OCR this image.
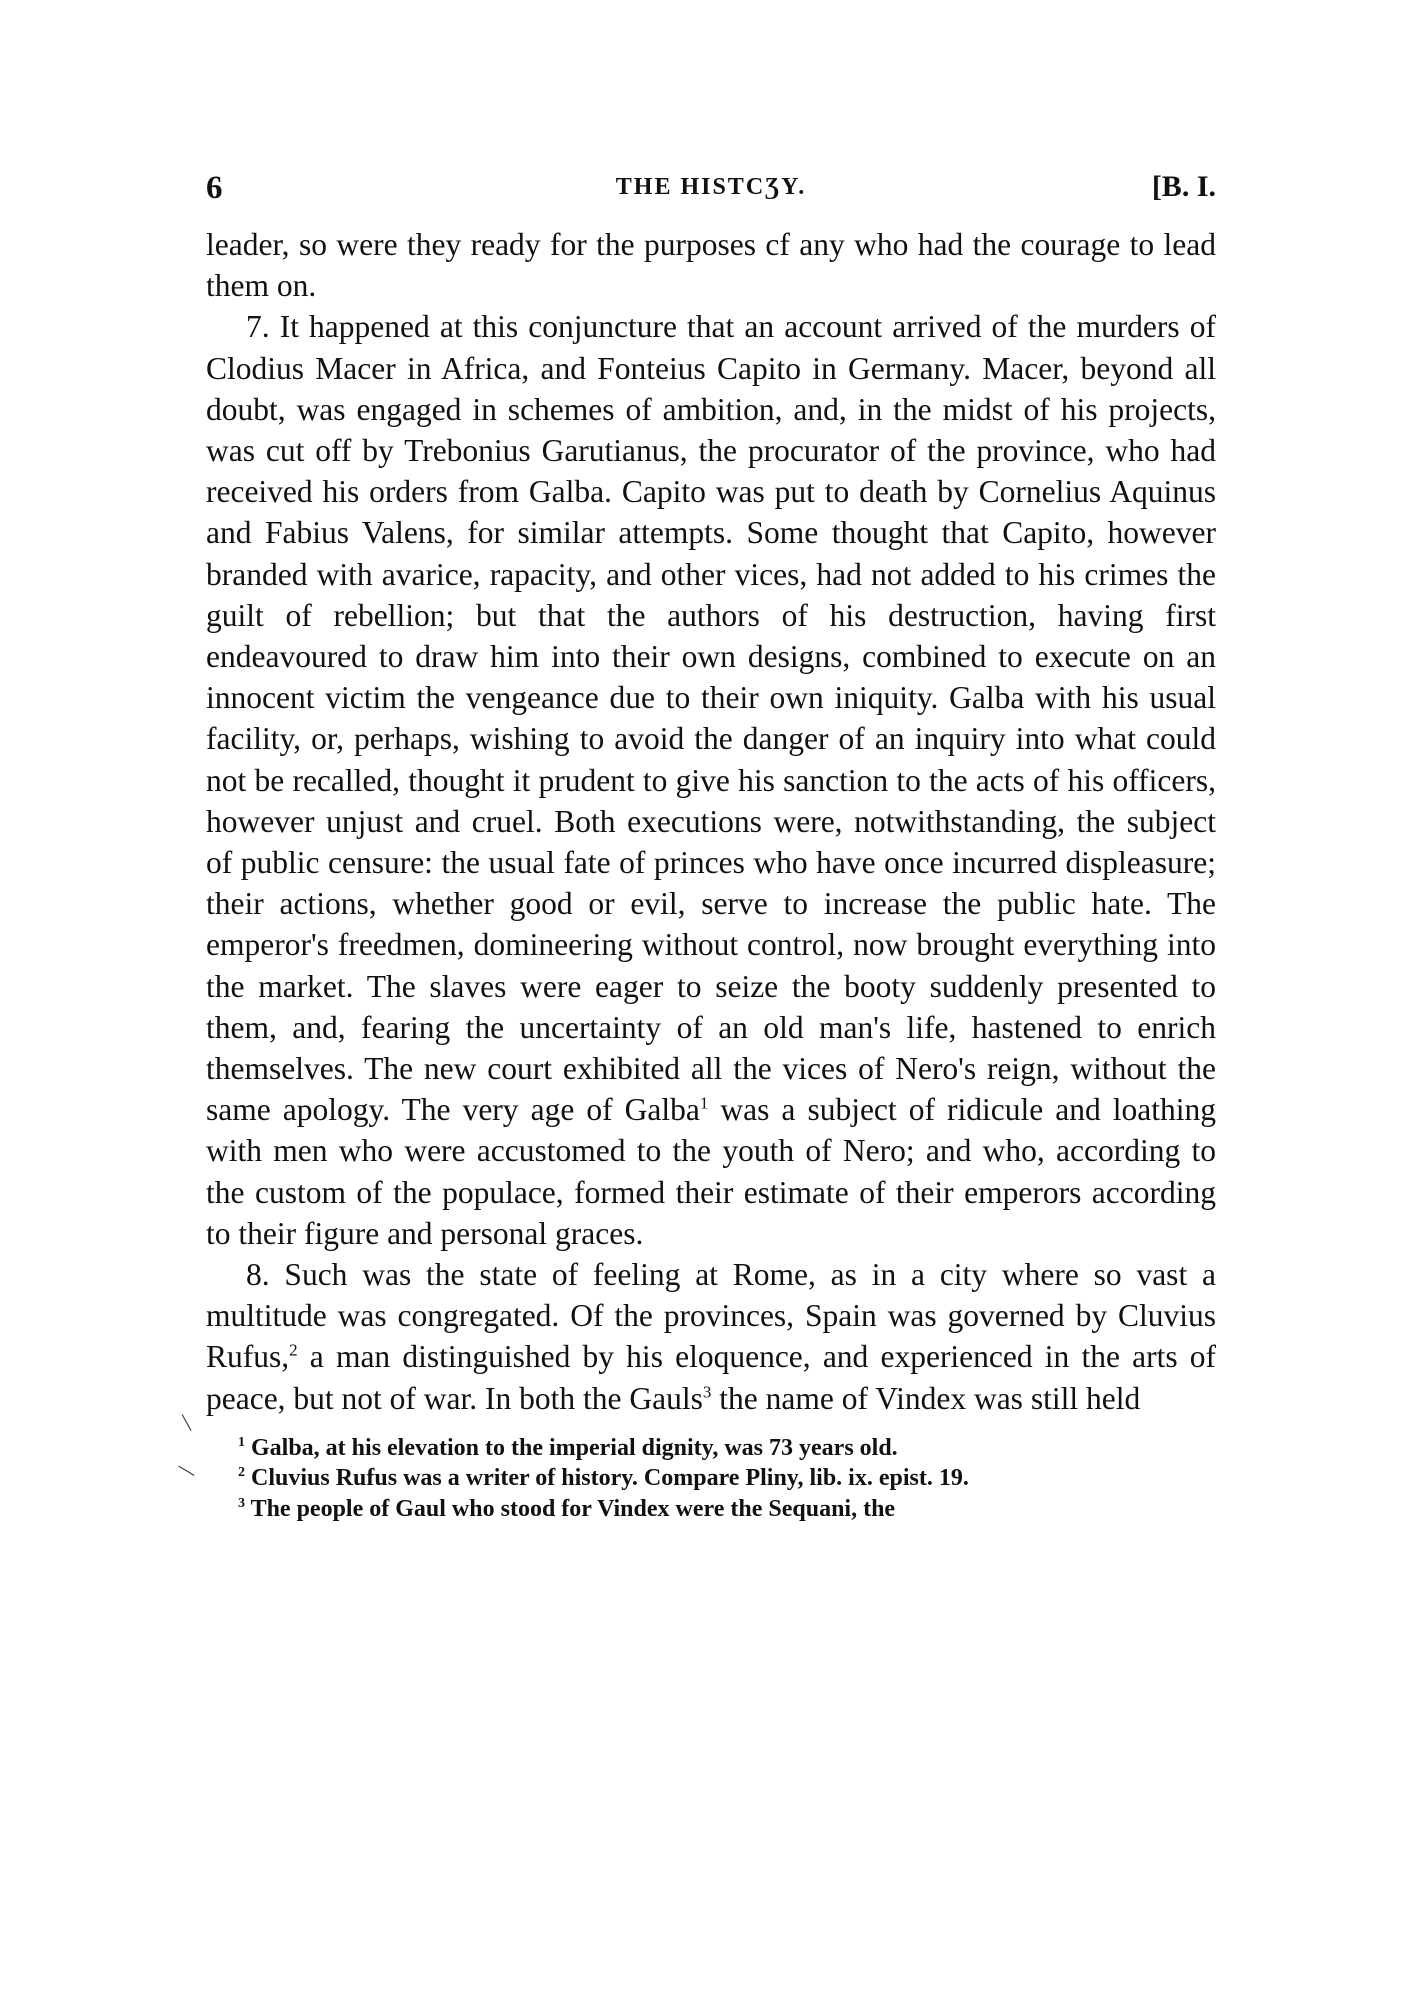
6	THE HISTCƷY.	[B. I.

leader, so were they ready for the purposes cf any who had the courage to lead them on.

7. It happened at this conjuncture that an account arrived of the murders of Clodius Macer in Africa, and Fonteius Capito in Germany. Macer, beyond all doubt, was engaged in schemes of ambition, and, in the midst of his projects, was cut off by Trebonius Garutianus, the procurator of the province, who had received his orders from Galba. Capito was put to death by Cornelius Aquinus and Fabius Valens, for similar attempts. Some thought that Capito, however branded with avarice, rapacity, and other vices, had not added to his crimes the guilt of rebellion; but that the authors of his destruction, having first endeavoured to draw him into their own designs, combined to execute on an innocent victim the vengeance due to their own iniquity. Galba with his usual facility, or, perhaps, wishing to avoid the danger of an inquiry into what could not be recalled, thought it prudent to give his sanction to the acts of his officers, however unjust and cruel. Both executions were, notwithstanding, the subject of public censure: the usual fate of princes who have once incurred displeasure; their actions, whether good or evil, serve to increase the public hate. The emperor's freedmen, domineering without control, now brought everything into the market. The slaves were eager to seize the booty suddenly presented to them, and, fearing the uncertainty of an old man's life, hastened to enrich themselves. The new court exhibited all the vices of Nero's reign, without the same apology. The very age of Galba$^1$ was a subject of ridicule and loathing with men who were accustomed to the youth of Nero; and who, according to the custom of the populace, formed their estimate of their emperors according to their figure and personal graces.

8. Such was the state of feeling at Rome, as in a city where so vast a multitude was congregated. Of the provinces, Spain was governed by Cluvius Rufus,$^2$ a man distinguished by his eloquence, and experienced in the arts of peace, but not of war. In both the Gauls$^3$ the name of Vindex was still held

$^1$ Galba, at his elevation to the imperial dignity, was 73 years old.

$^2$ Cluvius Rufus was a writer of history. Compare Pliny, lib. ix. epist. 19.

$^3$ The people of Gaul who stood for Vindex were the Sequani, the

\
\
